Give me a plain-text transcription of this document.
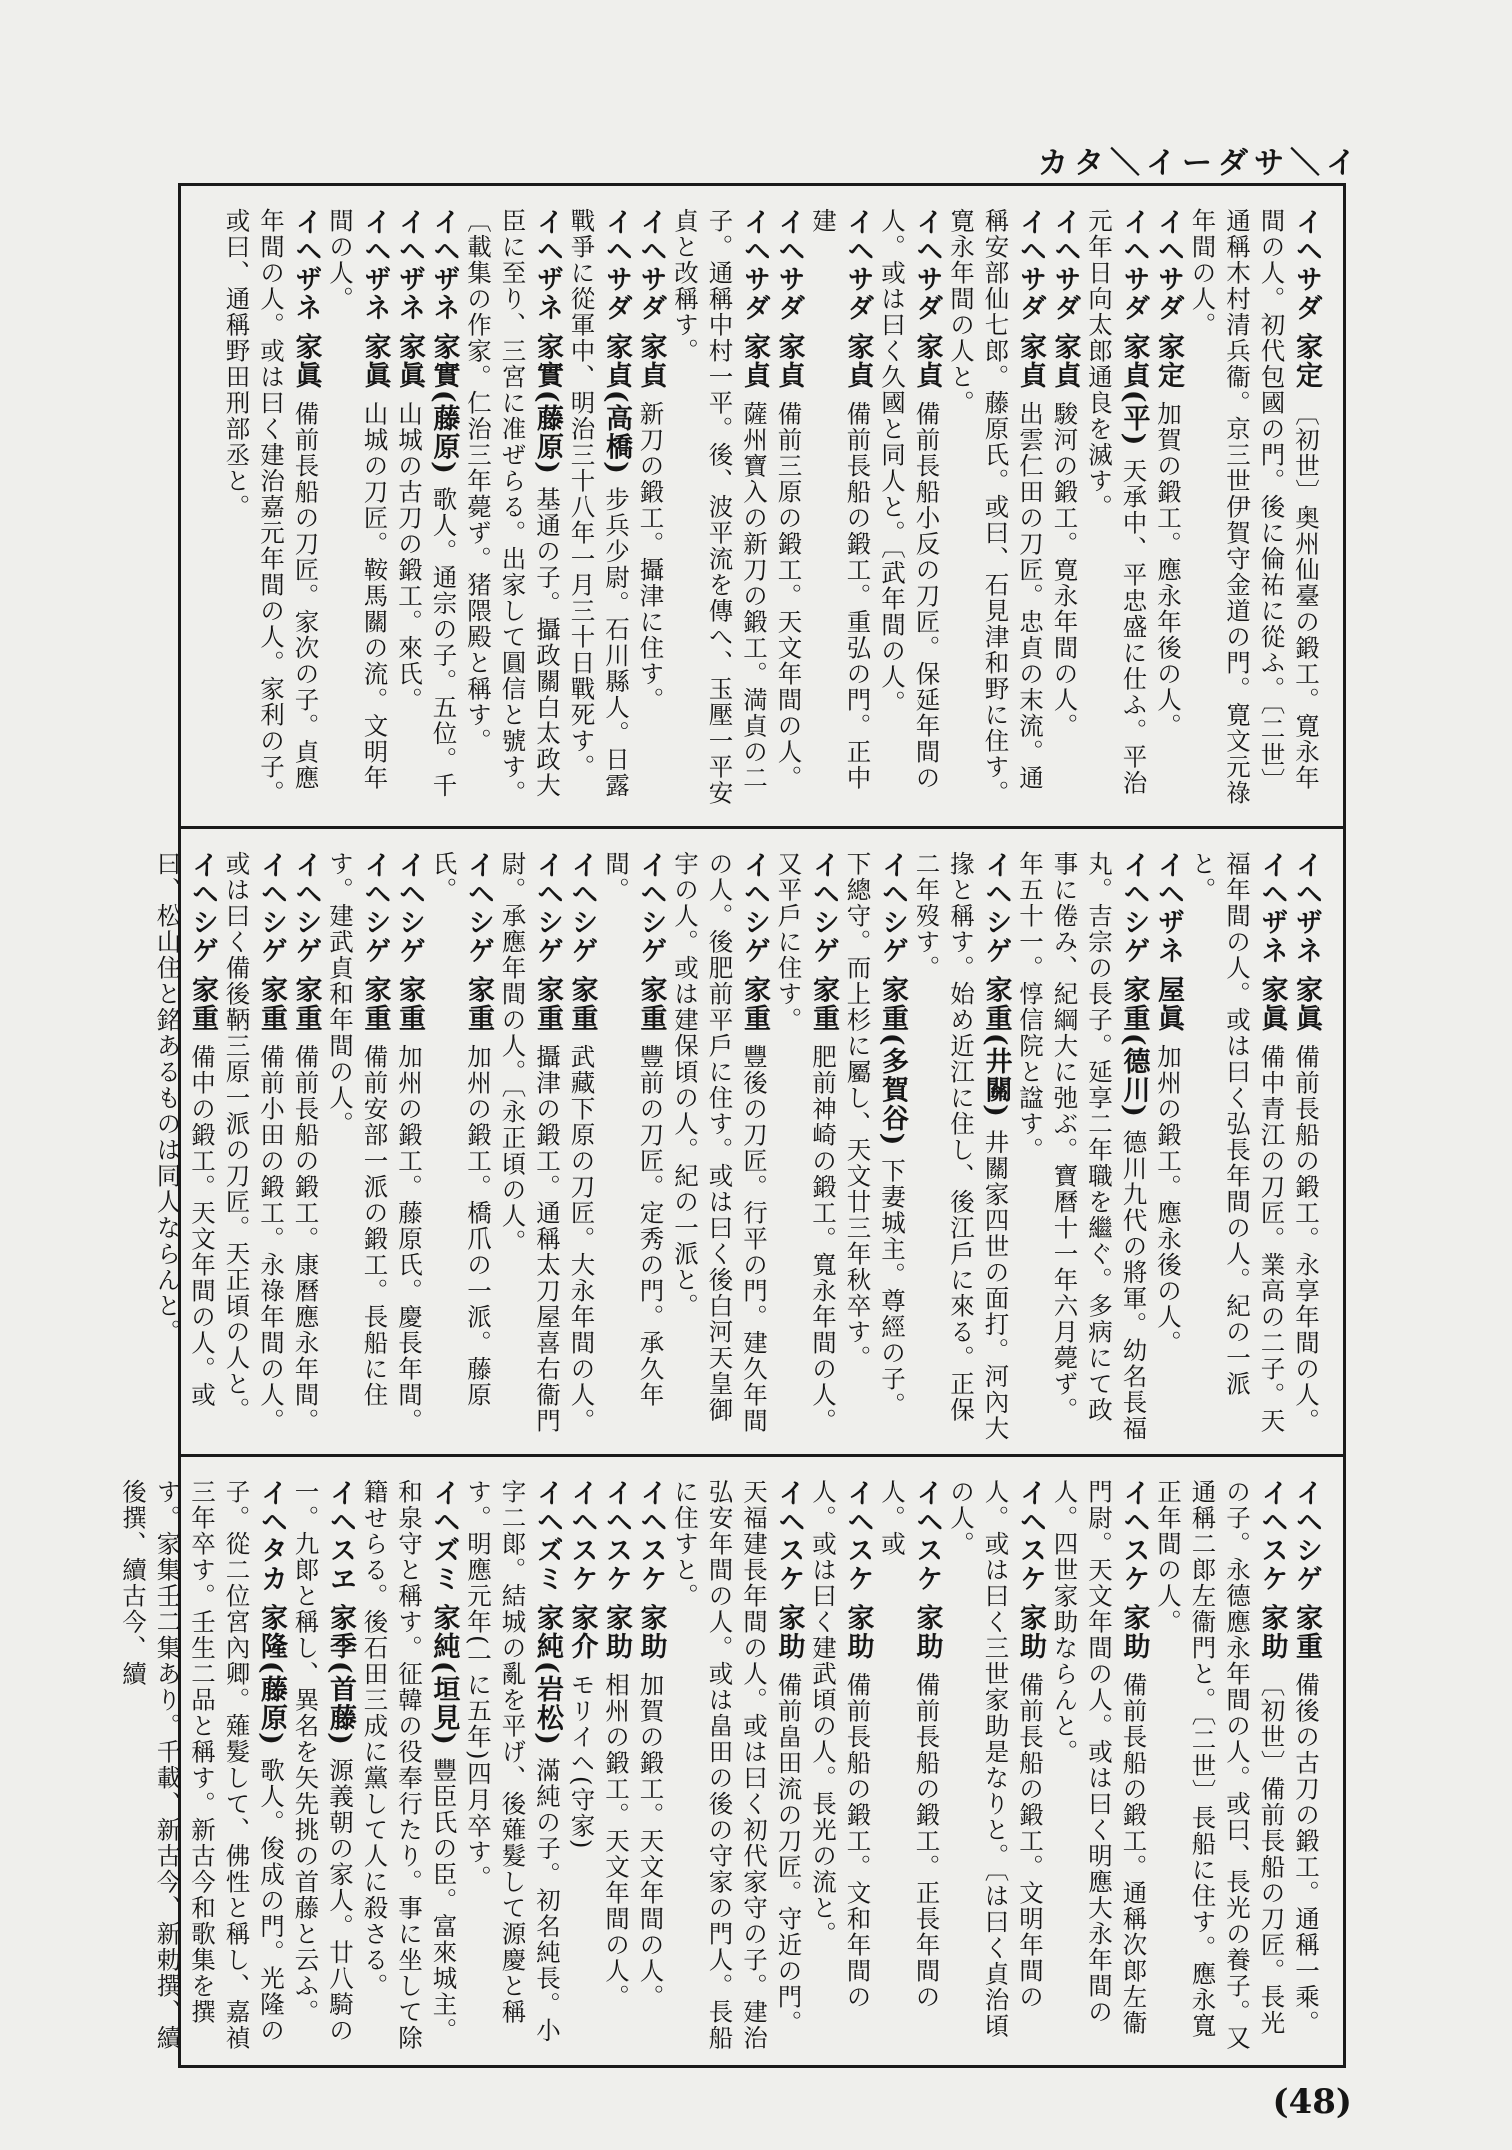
カタ＼イーダサ＼イ

イヘサダ 家定 〔初世〕奥州仙臺の鍛工。寛永年間の人。初代包國の門。後に倫祐に從ふ。〔二世〕通稱木村清兵衞。京三世伊賀守金道の門。寛文元祿年間の人。

イヘサダ 家定 加賀の鍛工。應永年後の人。

イヘサダ 家貞(平) 天承中、平忠盛に仕ふ。平治元年日向太郎通良を滅す。

イヘサダ 家貞 駿河の鍛工。寛永年間の人。

イヘサダ 家貞 出雲仁田の刀匠。忠貞の末流。通稱安部仙七郎。藤原氏。或曰、石見津和野に住す。寛永年間の人と。

イヘサダ 家貞 備前長船小反の刀匠。保延年間の人。或は曰く久國と同人と。〔武年間の人。

イヘサダ 家貞 備前長船の鍛工。重弘の門。正中建

イヘサダ 家貞 備前三原の鍛工。天文年間の人。

イヘサダ 家貞 薩州寶入の新刀の鍛工。満貞の二子。通稱中村一平。後、波平流を傳へ、玉壓一平安貞と改稱す。

イヘサダ 家貞 新刀の鍛工。攝津に住す。

イヘサダ 家貞(高橋) 步兵少尉。石川縣人。日露戰爭に從軍中、明治三十八年一月三十日戰死す。

イヘザネ 家實(藤原) 基通の子。攝政關白太政大臣に至り、三宮に准ぜらる。出家して圓信と號す。〔載集の作家。仁治三年薨ず。猪隈殿と稱す。

イヘザネ 家實(藤原) 歌人。通宗の子。五位。千

イヘザネ 家眞 山城の古刀の鍛工。來氏。

イヘザネ 家眞 山城の刀匠。鞍馬關の流。文明年間の人。

イヘザネ 家眞 備前長船の刀匠。家次の子。貞應年間の人。或は曰く建治嘉元年間の人。家利の子。或曰、通稱野田刑部丞と。

イヘザネ 家眞 備前長船の鍛工。永享年間の人。

イヘザネ 家眞 備中青江の刀匠。業高の二子。天福年間の人。或は曰く弘長年間の人。紀の一派と。

イヘザネ 屋眞 加州の鍛工。應永後の人。

イヘシゲ 家重(德川) 德川九代の將軍。幼名長福丸。吉宗の長子。延享二年職を繼ぐ。多病にて政事に倦み、紀綱大に弛ぶ。寶曆十一年六月薨ず。年五十一。惇信院と諡す。

イヘシゲ 家重(井關) 井關家四世の面打。河內大掾と稱す。始め近江に住し、後江戶に來る。正保二年歿す。

イヘシゲ 家重(多賀谷) 下妻城主。尊經の子。下總守。而上杉に屬し、天文廿三年秋卒す。

イヘシゲ 家重 肥前神崎の鍛工。寬永年間の人。又平戶に住す。

イヘシゲ 家重 豐後の刀匠。行平の門。建久年間の人。後肥前平戶に住す。或は曰く後白河天皇御宇の人。或は建保頃の人。紀の一派と。

イヘシゲ 家重 豐前の刀匠。定秀の門。承久年間。

イヘシゲ 家重 武藏下原の刀匠。大永年間の人。

イヘシゲ 家重 攝津の鍛工。通稱太刀屋喜右衞門尉。承應年間の人。〔永正頃の人。

イヘシゲ 家重 加州の鍛工。橋爪の一派。藤原氏。

イヘシゲ 家重 加州の鍛工。藤原氏。慶長年間。

イヘシゲ 家重 備前安部一派の鍛工。長船に住す。建武貞和年間の人。

イヘシゲ 家重 備前長船の鍛工。康曆應永年間。

イヘシゲ 家重 備前小田の鍛工。永祿年間の人。或は曰く備後鞆三原一派の刀匠。天正頃の人と。

イヘシゲ 家重 備中の鍛工。天文年間の人。或曰、松山住と銘あるものは同人ならんと。

イヘシゲ 家重 備後の古刀の鍛工。通稱一乘。

イヘスケ 家助 〔初世〕備前長船の刀匠。長光の子。永德應永年間の人。或曰、長光の養子。又通稱二郞左衞門と。〔二世〕長船に住す。應永寬正年間の人。

イヘスケ 家助 備前長船の鍛工。通稱次郞左衞門尉。天文年間の人。或は曰く明應大永年間の人。四世家助ならんと。

イヘスケ 家助 備前長船の鍛工。文明年間の人。或は曰く三世家助是なりと。〔は曰く貞治頃の人。

イヘスケ 家助 備前長船の鍛工。正長年間の人。或

イヘスケ 家助 備前長船の鍛工。文和年間の人。或は曰く建武頃の人。長光の流と。

イヘスケ 家助 備前畠田流の刀匠。守近の門。天福建長年間の人。或は曰く初代家守の子。建治弘安年間の人。或は畠田の後の守家の門人。長船に住すと。

イヘスケ 家助 加賀の鍛工。天文年間の人。

イヘスケ 家助 相州の鍛工。天文年間の人。

イヘスケ 家介 モリイヘ(守家)

イヘズミ 家純(岩松) 滿純の子。初名純長。小字二郞。結城の亂を平げ、後薙髮して源慶と稱す。明應元年(一に五年)四月卒す。

イヘズミ 家純(垣見) 豐臣氏の臣。富來城主。和泉守と稱す。征韓の役奉行たり。事に坐して除籍せらる。後石田三成に黨して人に殺さる。

イヘスヱ 家季(首藤) 源義朝の家人。廿八騎の一。九郞と稱し、異名を矢先挑の首藤と云ふ。

イヘタカ 家隆(藤原) 歌人。俊成の門。光隆の子。從二位宮內卿。薙髮して、佛性と稱し、嘉禎三年卒す。壬生二品と稱す。新古今和歌集を撰す。家集壬二集あり。千載、新古今、新勅撰、續後撰、續古今、續

(48)
